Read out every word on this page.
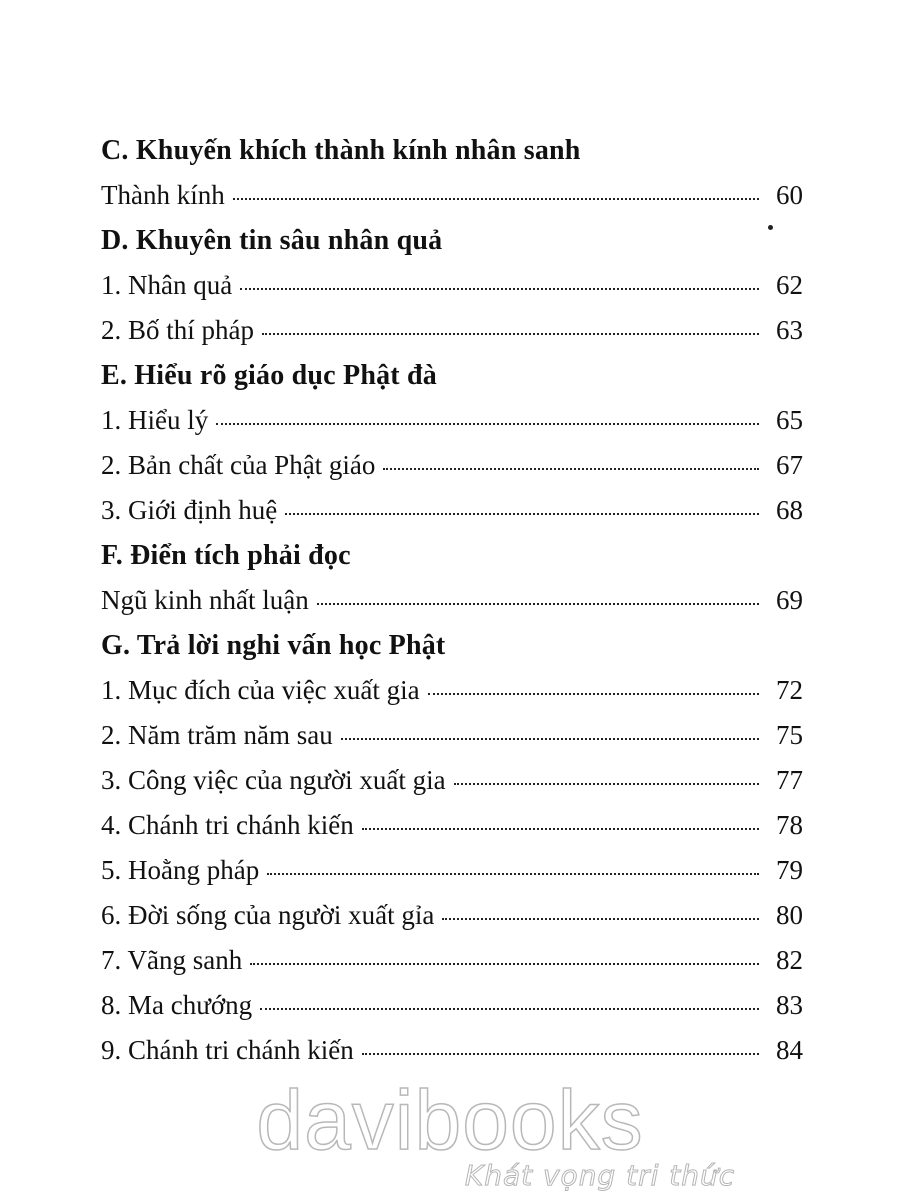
C. Khuyến khích thành kính nhân sanh
Thành kính	60
D. Khuyên tin sâu nhân quả
1. Nhân quả	62
2. Bố thí pháp	63
E. Hiểu rõ giáo dục Phật đà
1. Hiểu lý	65
2. Bản chất của Phật giáo	67
3. Giới định huệ	68
F. Điển tích phải đọc
Ngũ kinh nhất luận	69
G. Trả lời nghi vấn học Phật
1. Mục đích của việc xuất gia	72
2. Năm trăm năm sau	75
3. Công việc của người xuất gia	77
4. Chánh tri chánh kiến	78
5. Hoằng pháp	79
6. Đời sống của người xuất gỉa	80
7. Vãng sanh	82
8. Ma chướng	83
9. Chánh tri chánh kiến	84
davibooks
Khát vọng tri thức
